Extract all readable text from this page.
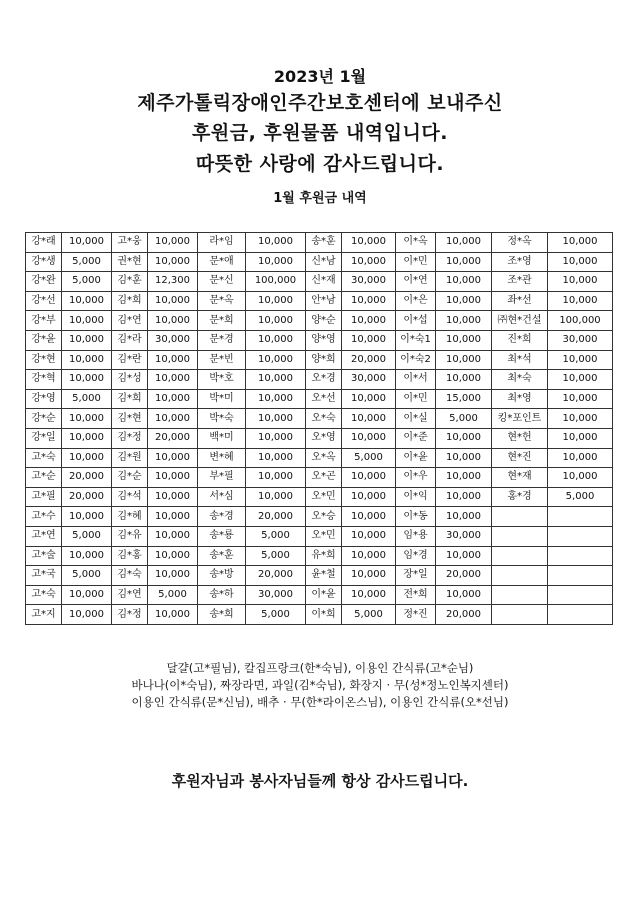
2023년 1월
제주가톨릭장애인주간보호센터에 보내주신
후원금, 후원물품 내역입니다.
따뜻한 사랑에 감사드립니다.
1월 후원금 내역
강*래	10,000	고*웅	10,000	라*임	10,000	송*훈	10,000	이*옥	10,000	정*옥	10,000
강*생	5,000	권*현	10,000	문*애	10,000	신*남	10,000	이*민	10,000	조*영	10,000
강*완	5,000	김*훈	12,300	문*신	100,000	신*재	30,000	이*연	10,000	조*관	10,000
강*선	10,000	김*희	10,000	문*옥	10,000	안*남	10,000	이*은	10,000	좌*선	10,000
강*부	10,000	김*연	10,000	문*희	10,000	양*순	10,000	이*섭	10,000	㈜현*건설	100,000
강*윤	10,000	김*라	30,000	문*경	10,000	양*영	10,000	이*숙1	10,000	진*희	30,000
강*현	10,000	김*란	10,000	문*빈	10,000	양*희	20,000	이*숙2	10,000	최*석	10,000
강*혁	10,000	김*성	10,000	박*호	10,000	오*경	30,000	이*서	10,000	최*숙	10,000
강*영	5,000	김*희	10,000	박*미	10,000	오*선	10,000	이*민	15,000	최*영	10,000
강*순	10,000	김*현	10,000	박*숙	10,000	오*숙	10,000	이*실	5,000	킹*포인트	10,000
강*일	10,000	김*정	20,000	백*미	10,000	오*영	10,000	이*준	10,000	현*헌	10,000
고*숙	10,000	김*원	10,000	변*혜	10,000	오*옥	5,000	이*윤	10,000	현*진	10,000
고*순	20,000	김*순	10,000	부*필	10,000	오*곤	10,000	이*우	10,000	현*재	10,000
고*필	20,000	김*석	10,000	서*심	10,000	오*민	10,000	이*익	10,000	홍*경	5,000
고*수	10,000	김*혜	10,000	송*경	20,000	오*승	10,000	이*동	10,000		
고*연	5,000	김*유	10,000	송*룡	5,000	오*민	10,000	임*용	30,000		
고*술	10,000	김*홍	10,000	송*훈	5,000	유*희	10,000	임*경	10,000		
고*국	5,000	김*숙	10,000	송*방	20,000	윤*철	10,000	장*일	20,000		
고*숙	10,000	김*연	5,000	송*하	30,000	이*윤	10,000	전*희	10,000		
고*지	10,000	김*정	10,000	송*희	5,000	이*희	5,000	정*진	20,000		
달걀(고*필님), 칼집프랑크(한*숙님), 이용인 간식류(고*순님)
바나나(이*숙님), 짜장라면, 과일(김*숙님), 화장지 · 무(성*정노인복지센터)
이용인 간식류(문*신님), 배추 · 무(한*라이온스님), 이용인 간식류(오*선님)
후원자님과 봉사자님들께 항상 감사드립니다.
